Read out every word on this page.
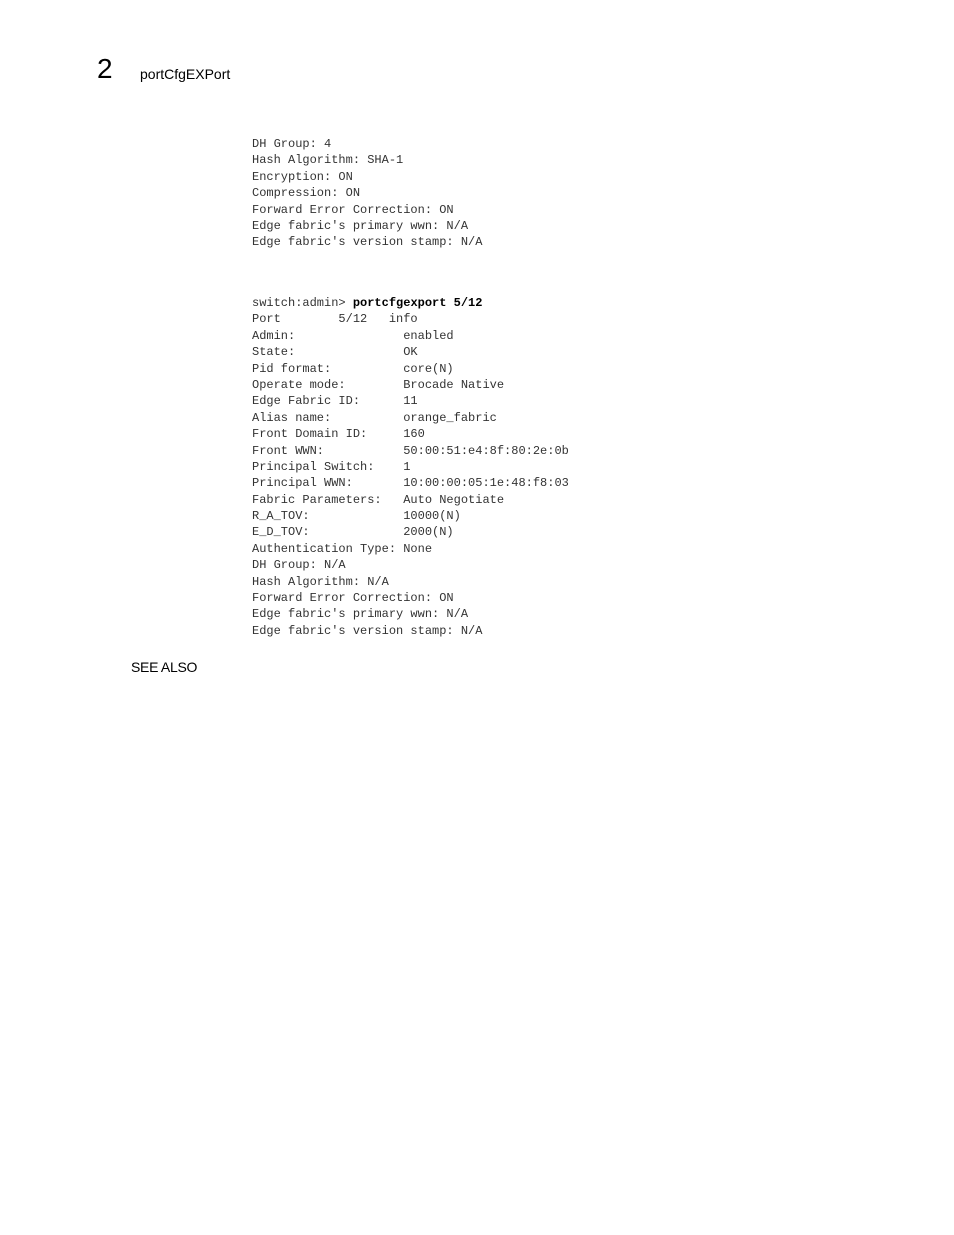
2 portCfgEXPort
DH Group: 4
Hash Algorithm: SHA-1
Encryption: ON
Compression: ON
Forward Error Correction: ON
Edge fabric's primary wwn: N/A
Edge fabric's version stamp: N/A
switch:admin> portcfgexport 5/12
Port        5/12   info
Admin:               enabled
State:               OK
Pid format:          core(N)
Operate mode:        Brocade Native
Edge Fabric ID:      11
Alias name:          orange_fabric
Front Domain ID:     160
Front WWN:           50:00:51:e4:8f:80:2e:0b
Principal Switch:    1
Principal WWN:       10:00:00:05:1e:48:f8:03
Fabric Parameters:   Auto Negotiate
R_A_TOV:             10000(N)
E_D_TOV:             2000(N)
Authentication Type: None
DH Group: N/A
Hash Algorithm: N/A
Forward Error Correction: ON
Edge fabric's primary wwn: N/A
Edge fabric's version stamp: N/A
SEE ALSO
